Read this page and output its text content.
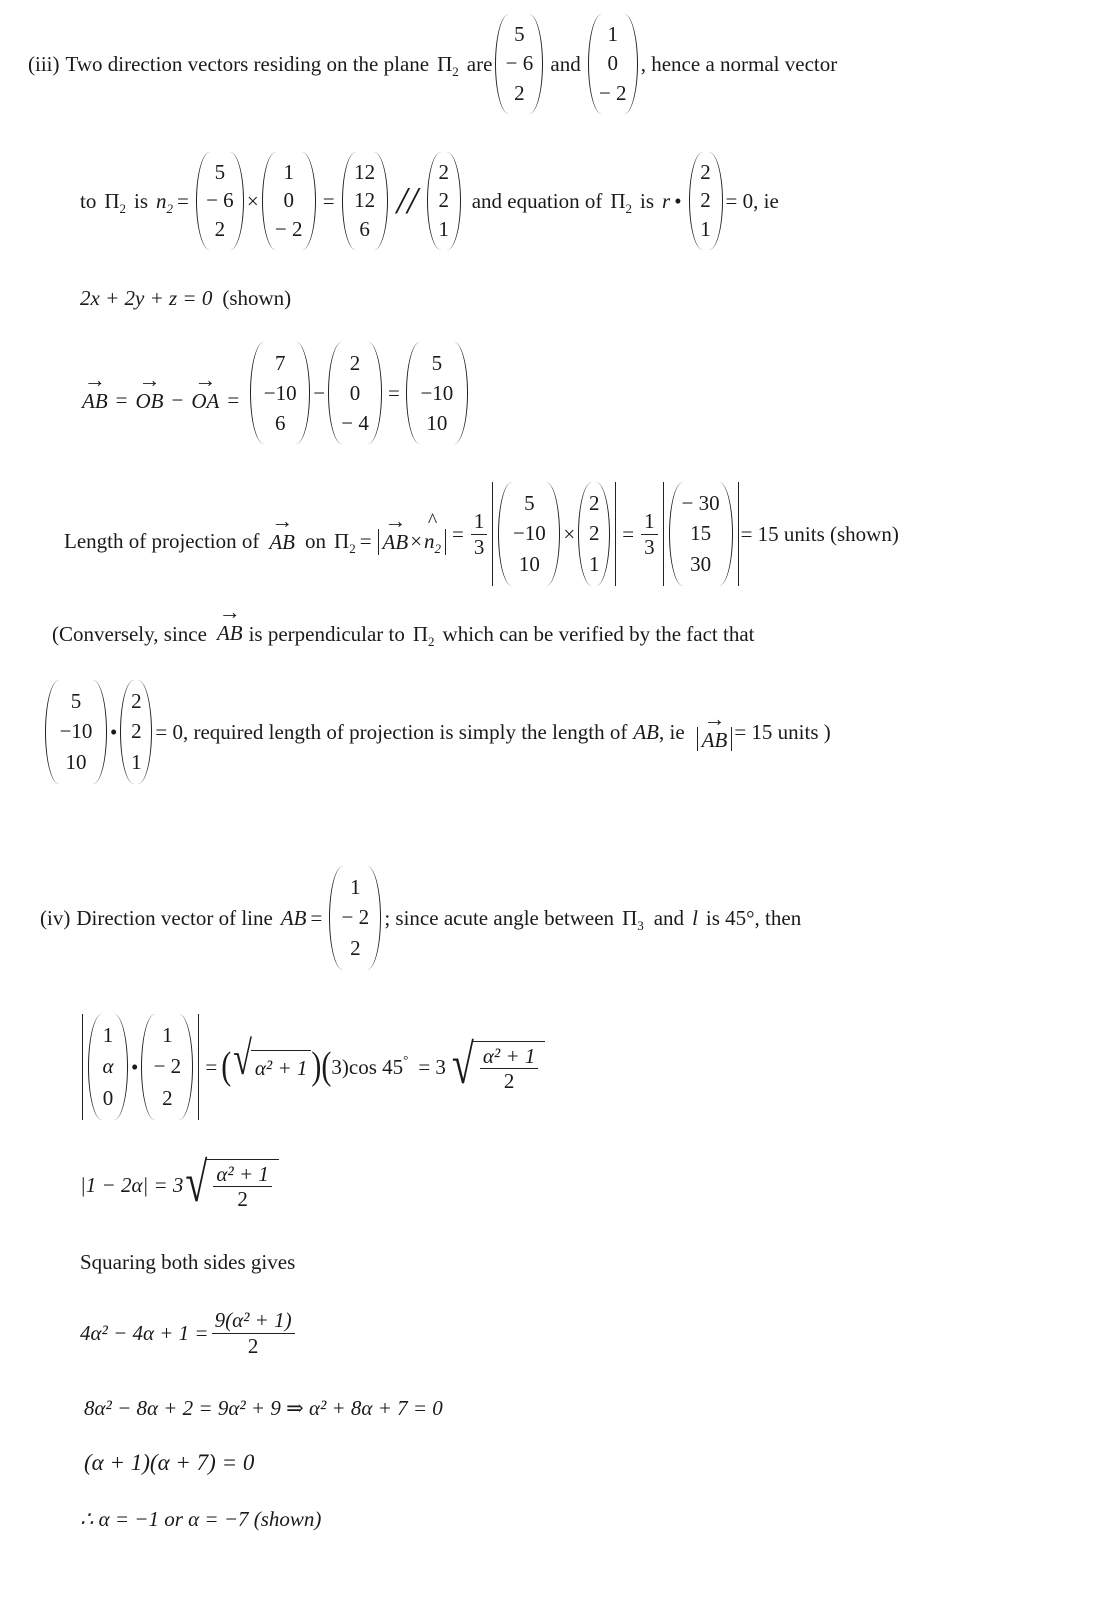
(iii) Two direction vectors residing on the plane $\Pi_2$ are
5
− 6
2
and
1
0
− 2
, hence a normal vector
to $\Pi_2$ is $n_2$ =
5
− 6
2
×
1
0
− 2
=
12
12
6
//
2
2
1
and equation of $\Pi_2$ is r •
2
2
1
= 0, ie
2x + 2y + z = 0 (shown)
→
AB =
→
OB −
→
OA =
7
−10
6
−
2
0
− 4
=
5
−10
10
Length of projection of
→
AB on $\Pi_2$ =
→
AB ×
^
$n_2$
= $\frac{1}{3}$
5
−10
10
×
2
2
1
= $\frac{1}{3}$
− 30
15
30
= 15 units (shown)
(Conversely, since
→
AB is perpendicular to $\Pi_2$ which can be verified by the fact that
5
−10
10
•
2
2
1
= 0, required length of projection is simply the length of AB , ie
→
AB = 15 units )
(iv) Direction vector of line AB =
1
− 2
2
; since acute angle between $\Pi_3$ and l is 45°, then
1
α
0
•
1
− 2
2
= ( √ α² + 1 ) ( 3)cos 45 ° = 3 √ $\frac{\text{α² + 1}}{2}$
|1 − 2α| = 3 √ $\frac{\text{α² + 1}}{2}$
Squaring both sides gives
$4\alpha^2 - 4\alpha + 1 = \frac{\text{9(α² + 1)}}{2}$
8α² − 8α + 2 = 9α² + 9 ⇒ α² + 8α + 7 = 0
(α + 1)(α + 7) = 0
∴ α = −1 or α = −7 (shown)
